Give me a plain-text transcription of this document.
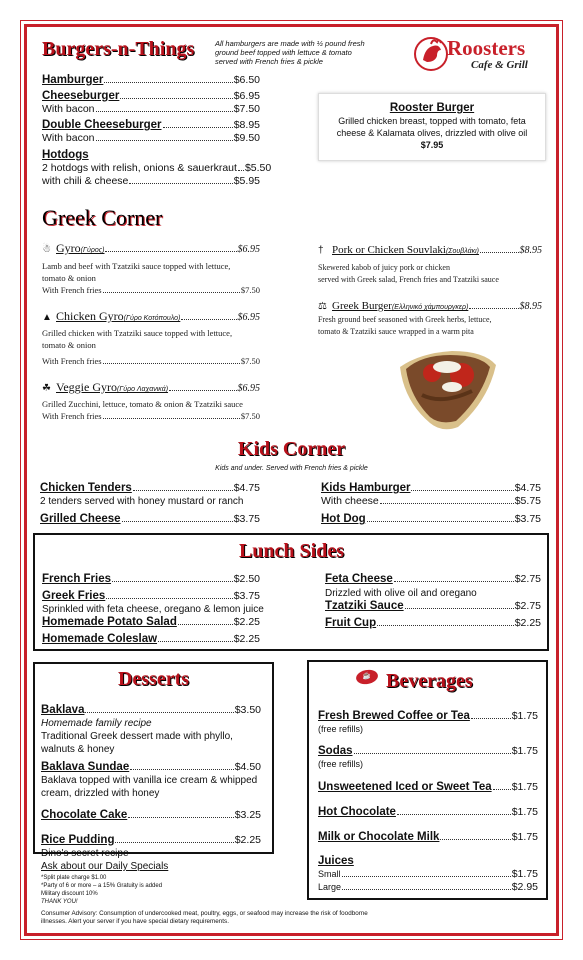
Burgers-n-Things	All hamburgers are made with ½ pound fresh
ground beef topped with lettuce & tomato
served with French fries & pickle
Roosters
Cafe & Grill
Hamburger	$6.50
Cheeseburger	$6.95
With bacon	$7.50
Double Cheeseburger	$8.95
With bacon	$9.50
Hotdogs
2 hotdogs with relish, onions & sauerkraut $5.50
with chili & cheese	$5.95
Rooster Burger
Grilled chicken breast, topped with tomato, feta
cheese & Kalamata olives, drizzled with olive oil
$7.95
Greek Corner
☃ Gyro (Γύρος)	$6.95
Lamb and beef with Tzatziki sauce topped with lettuce,
tomato & onion
With French fries	$7.50
▲ Chicken Gyro (Γύρο Κοτόπουλο)	$6.95
Grilled chicken with Tzatziki sauce topped with lettuce,
tomato & onion
With French fries	$7.50
☘ Veggie Gyro (Γύρο Λαχανικά)	$6.95
Grilled Zucchini, lettuce, tomato & onion & Tzatziki sauce
With French fries	$7.50
† Pork or Chicken Souvlaki (Σουβλάκι)	$8.95
Skewered kabob of juicy pork or chicken
served with Greek salad, French fries and Tzatziki sauce
⚖ Greek Burger (Ελληνικό χάμπουργκερ)	$8.95
Fresh ground beef seasoned with Greek herbs, lettuce,
tomato & Tzatziki sauce wrapped in a warm pita
Kids Corner
Kids and under. Served with French fries & pickle
Chicken Tenders	$4.75
2 tenders served with honey mustard or ranch
Grilled Cheese	$3.75
Kids Hamburger	$4.75
With cheese	$5.75
Hot Dog	$3.75
Lunch Sides
French Fries	$2.50
Greek Fries	$3.75
Sprinkled with feta cheese, oregano & lemon juice
Homemade Potato Salad	$2.25
Homemade Coleslaw	$2.25
Feta Cheese	$2.75
Drizzled with olive oil and oregano
Tzatziki Sauce	$2.75
Fruit Cup	$2.25
Desserts
Baklava	$3.50
Homemade family recipe
Traditional Greek dessert made with phyllo,
walnuts & honey
Baklava Sundae	$4.50
Baklava topped with vanilla ice cream & whipped
cream, drizzled with honey
Chocolate Cake	$3.25
Rice Pudding	$2.25
Dino's secret recipe
Ask about our Daily Specials
*Split plate charge $1.00
*Party of 6 or more – a 15% Gratuity is added
Military discount 10%
THANK YOU!
☕ Beverages
Fresh Brewed Coffee or Tea	$1.75
(free refills)
Sodas	$1.75
(free refills)
Unsweetened Iced or Sweet Tea $1.75
Hot Chocolate	$1.75
Milk or Chocolate Milk	$1.75
Juices
Small	$1.75
Large	$2.95
Consumer Advisory: Consumption of undercooked meat, poultry, eggs, or seafood may increase the risk of foodborne
illnesses. Alert your server if you have special dietary requirements.
